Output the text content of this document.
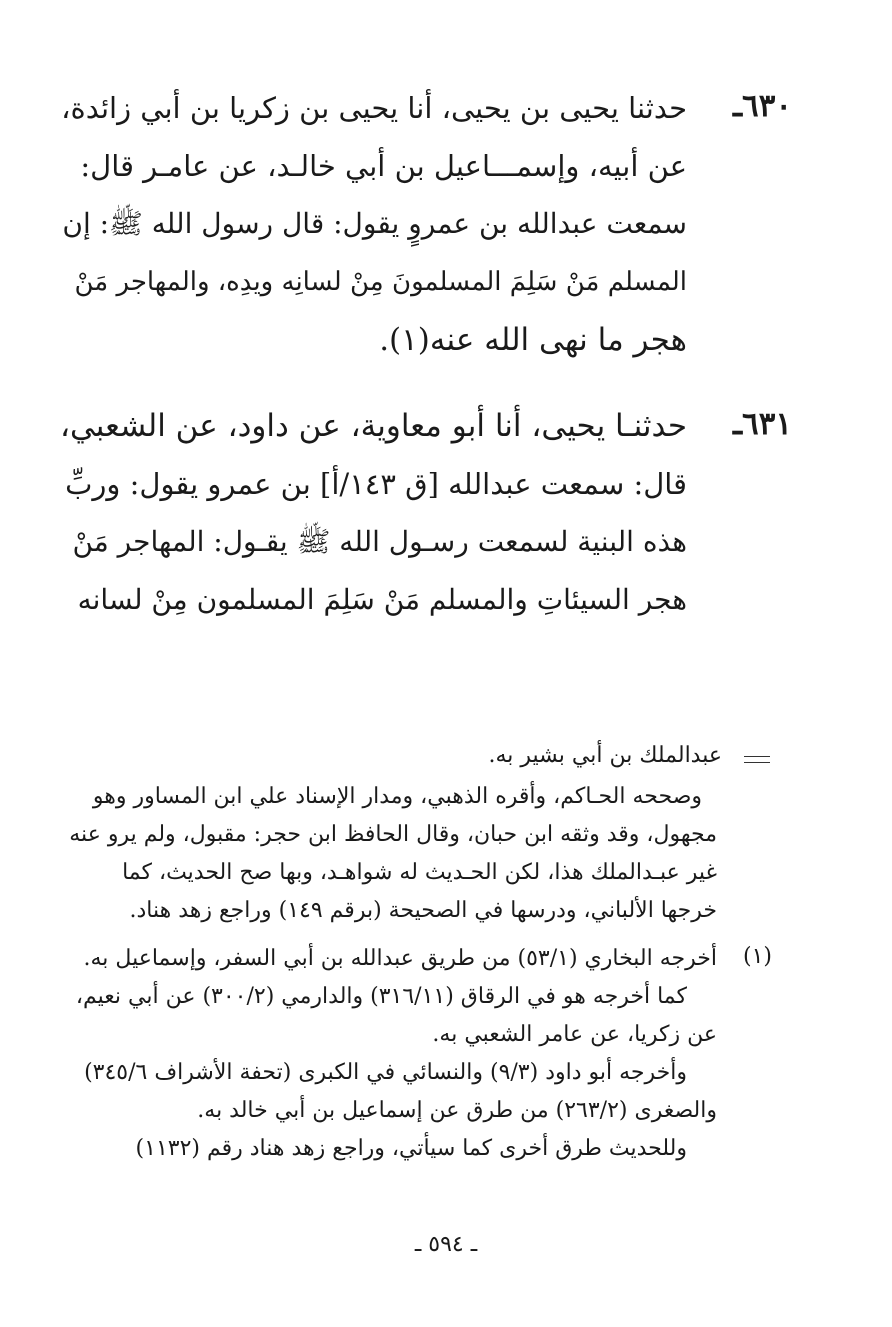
٦٣٠ـ
حدثنا يحيى بن يحيى، أنا يحيى بن زكريا بن أبي زائدة،
عن أبيه، وإسمـــاعيل بن أبي خالـد، عن عامـر قال:
سمعت عبدالله بن عمروٍ يقول: قال رسول الله ﷺ: إن
المسلم مَنْ سَلِمَ المسلمونَ مِنْ لسانِه ويدِه، والمهاجر مَنْ
هجر ما نهى الله عنه(١).
٦٣١ـ
حدثنـا يحيى، أنا أبو معاوية، عن داود، عن الشعبي،
قال: سمعت عبدالله [ق ١٤٣/أ] بن عمرو يقول: وربِّ
هذه البنية لسمعت رسـول الله ﷺ يقـول: المهاجر مَنْ
هجر السيئاتِ والمسلم مَنْ سَلِمَ المسلمون مِنْ لسانه
عبدالملك بن أبي بشير به.
وصححه الحـاكم، وأقره الذهبي، ومدار الإسناد علي ابن المساور وهو
مجهول، وقد وثقه ابن حبان، وقال الحافظ ابن حجر: مقبول، ولم يرو عنه
غير عبـدالملك هذا، لكن الحـديث له شواهـد، وبها صح الحديث، كما
خرجها الألباني، ودرسها في الصحيحة (برقم ١٤٩) وراجع زهد هناد.
(١)
أخرجه البخاري (٥٣/١) من طريق عبدالله بن أبي السفر، وإسماعيل به.
كما أخرجه هو في الرقاق (٣١٦/١١) والدارمي (٣٠٠/٢) عن أبي نعيم،
عن زكريا، عن عامر الشعبي به.
وأخرجه أبو داود (٩/٣) والنسائي في الكبرى (تحفة الأشراف ٣٤٥/٦)
والصغرى (٢٦٣/٢) من طرق عن إسماعيل بن أبي خالد به.
وللحديث طرق أخرى كما سيأتي، وراجع زهد هناد رقم (١١٣٢)
ـ ٥٩٤ ـ
